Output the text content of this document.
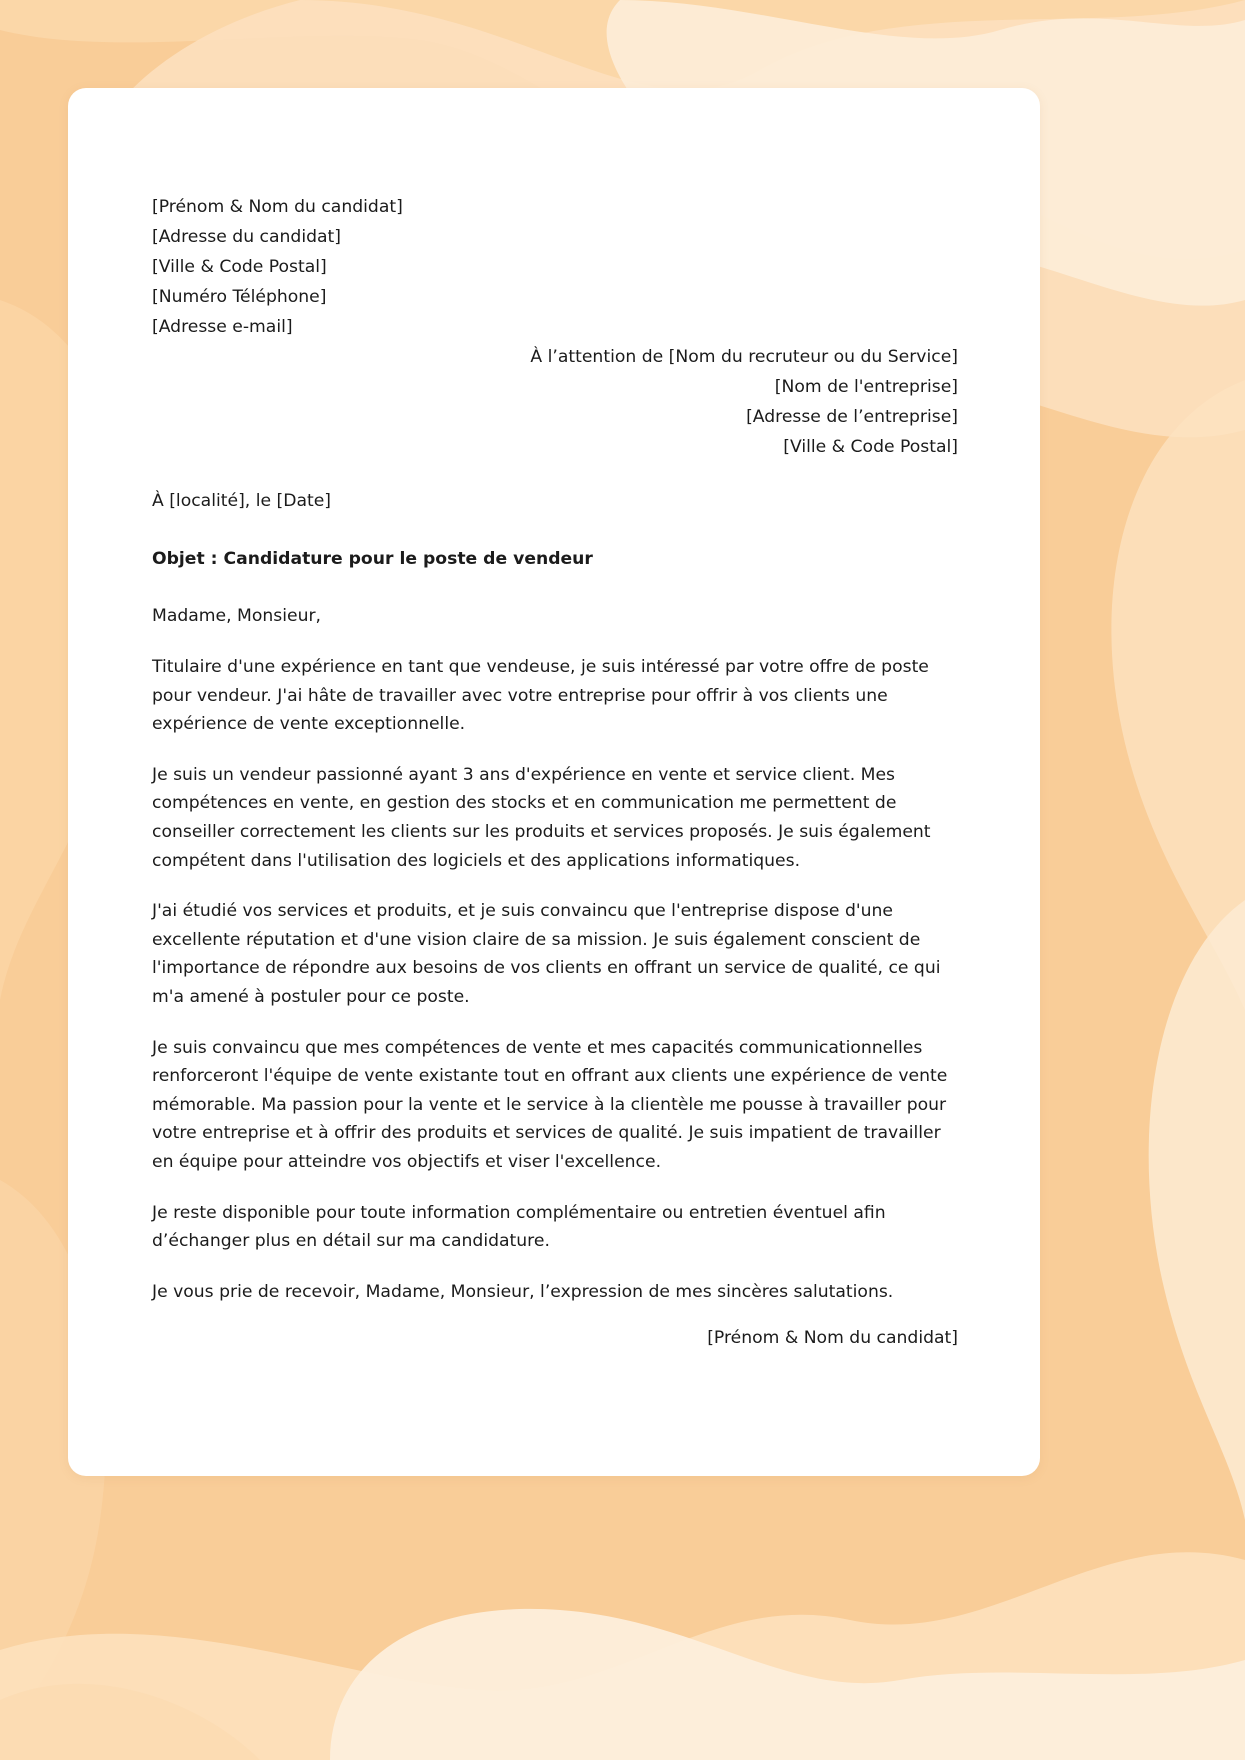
[Prénom & Nom du candidat]
[Adresse du candidat]
[Ville & Code Postal]
[Numéro Téléphone]
[Adresse e-mail]
À l’attention de [Nom du recruteur ou du Service]
[Nom de l'entreprise]
[Adresse de l’entreprise]
[Ville & Code Postal]
À [localité], le [Date]
Objet : Candidature pour le poste de vendeur
Madame, Monsieur,

Titulaire d'une expérience en tant que vendeuse, je suis intéressé par votre offre de poste pour vendeur. J'ai hâte de travailler avec votre entreprise pour offrir à vos clients une expérience de vente exceptionnelle.

Je suis un vendeur passionné ayant 3 ans d'expérience en vente et service client. Mes compétences en vente, en gestion des stocks et en communication me permettent de conseiller correctement les clients sur les produits et services proposés. Je suis également compétent dans l'utilisation des logiciels et des applications informatiques.

J'ai étudié vos services et produits, et je suis convaincu que l'entreprise dispose d'une excellente réputation et d'une vision claire de sa mission. Je suis également conscient de l'importance de répondre aux besoins de vos clients en offrant un service de qualité, ce qui m'a amené à postuler pour ce poste.

Je suis convaincu que mes compétences de vente et mes capacités communicationnelles renforceront l'équipe de vente existante tout en offrant aux clients une expérience de vente mémorable. Ma passion pour la vente et le service à la clientèle me pousse à travailler pour votre entreprise et à offrir des produits et services de qualité. Je suis impatient de travailler en équipe pour atteindre vos objectifs et viser l'excellence.

Je reste disponible pour toute information complémentaire ou entretien éventuel afin d’échanger plus en détail sur ma candidature.

Je vous prie de recevoir, Madame, Monsieur, l’expression de mes sincères salutations.

[Prénom & Nom du candidat]
